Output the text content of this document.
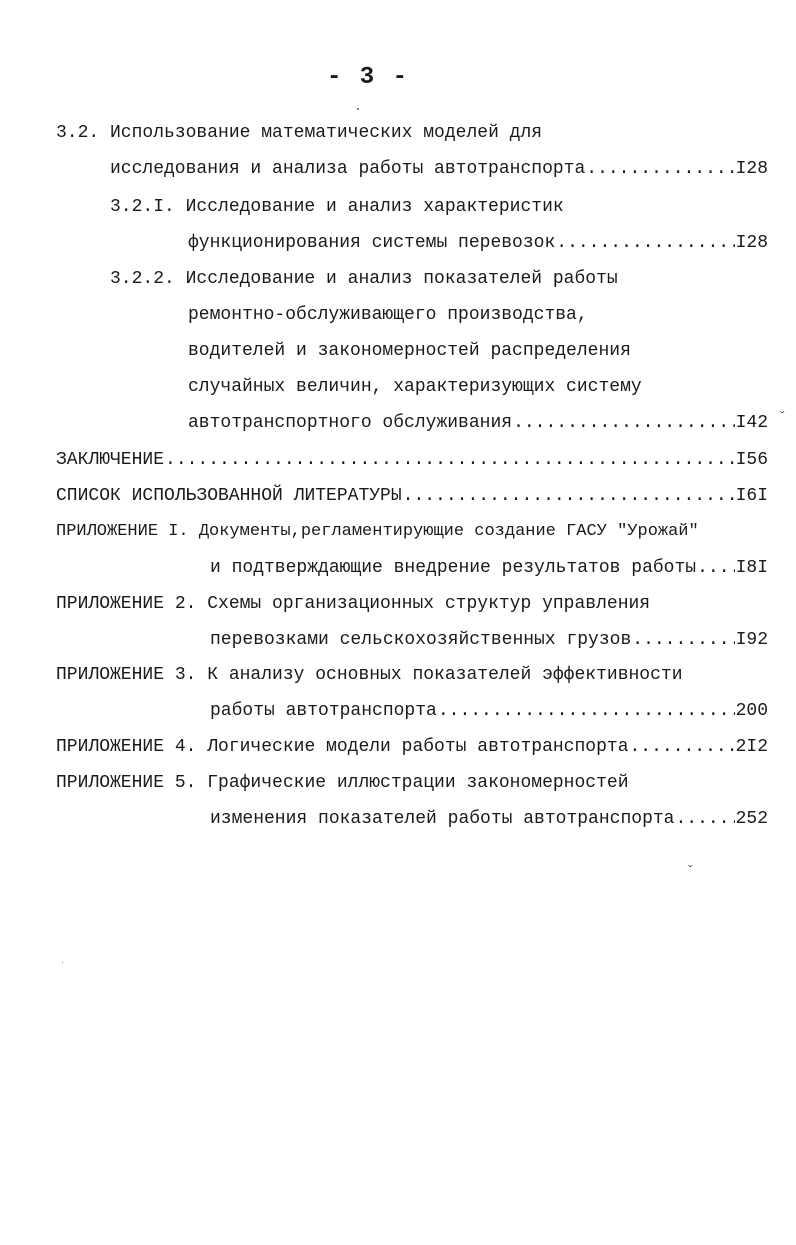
- 3 -
3.2. Использование математических моделей для
исследования и анализа работы автотранспорта .....	I28
3.2.I. Исследование и анализ характеристик
функционирования системы перевозок .....	I28
3.2.2. Исследование и анализ показателей работы
ремонтно-обслуживающего производства,
водителей и закономерностей распределения
случайных величин, характеризующих систему
автотранспортного обслуживания .....	I42 ˇ
ЗАКЛЮЧЕНИЕ .....	I56
СПИСОК ИСПОЛЬЗОВАННОЙ ЛИТЕРАТУРЫ .....	I6I
ПРИЛОЖЕНИЕ I. Документы,регламентирующие создание ГАСУ "Урожай"
и подтверждающие внедрение результатов работы ..... I8I
ПРИЛОЖЕНИЕ 2. Схемы организационных структур управления
перевозками сельскохозяйственных грузов .....	I92
ПРИЛОЖЕНИЕ 3. К анализу основных показателей эффективности
работы автотранспорта .....	200
ПРИЛОЖЕНИЕ 4. Логические модели работы автотранспорта .....	2I2
ПРИЛОЖЕНИЕ 5. Графические иллюстрации закономерностей
изменения показателей работы автотранспорта .....	252
ˇ
